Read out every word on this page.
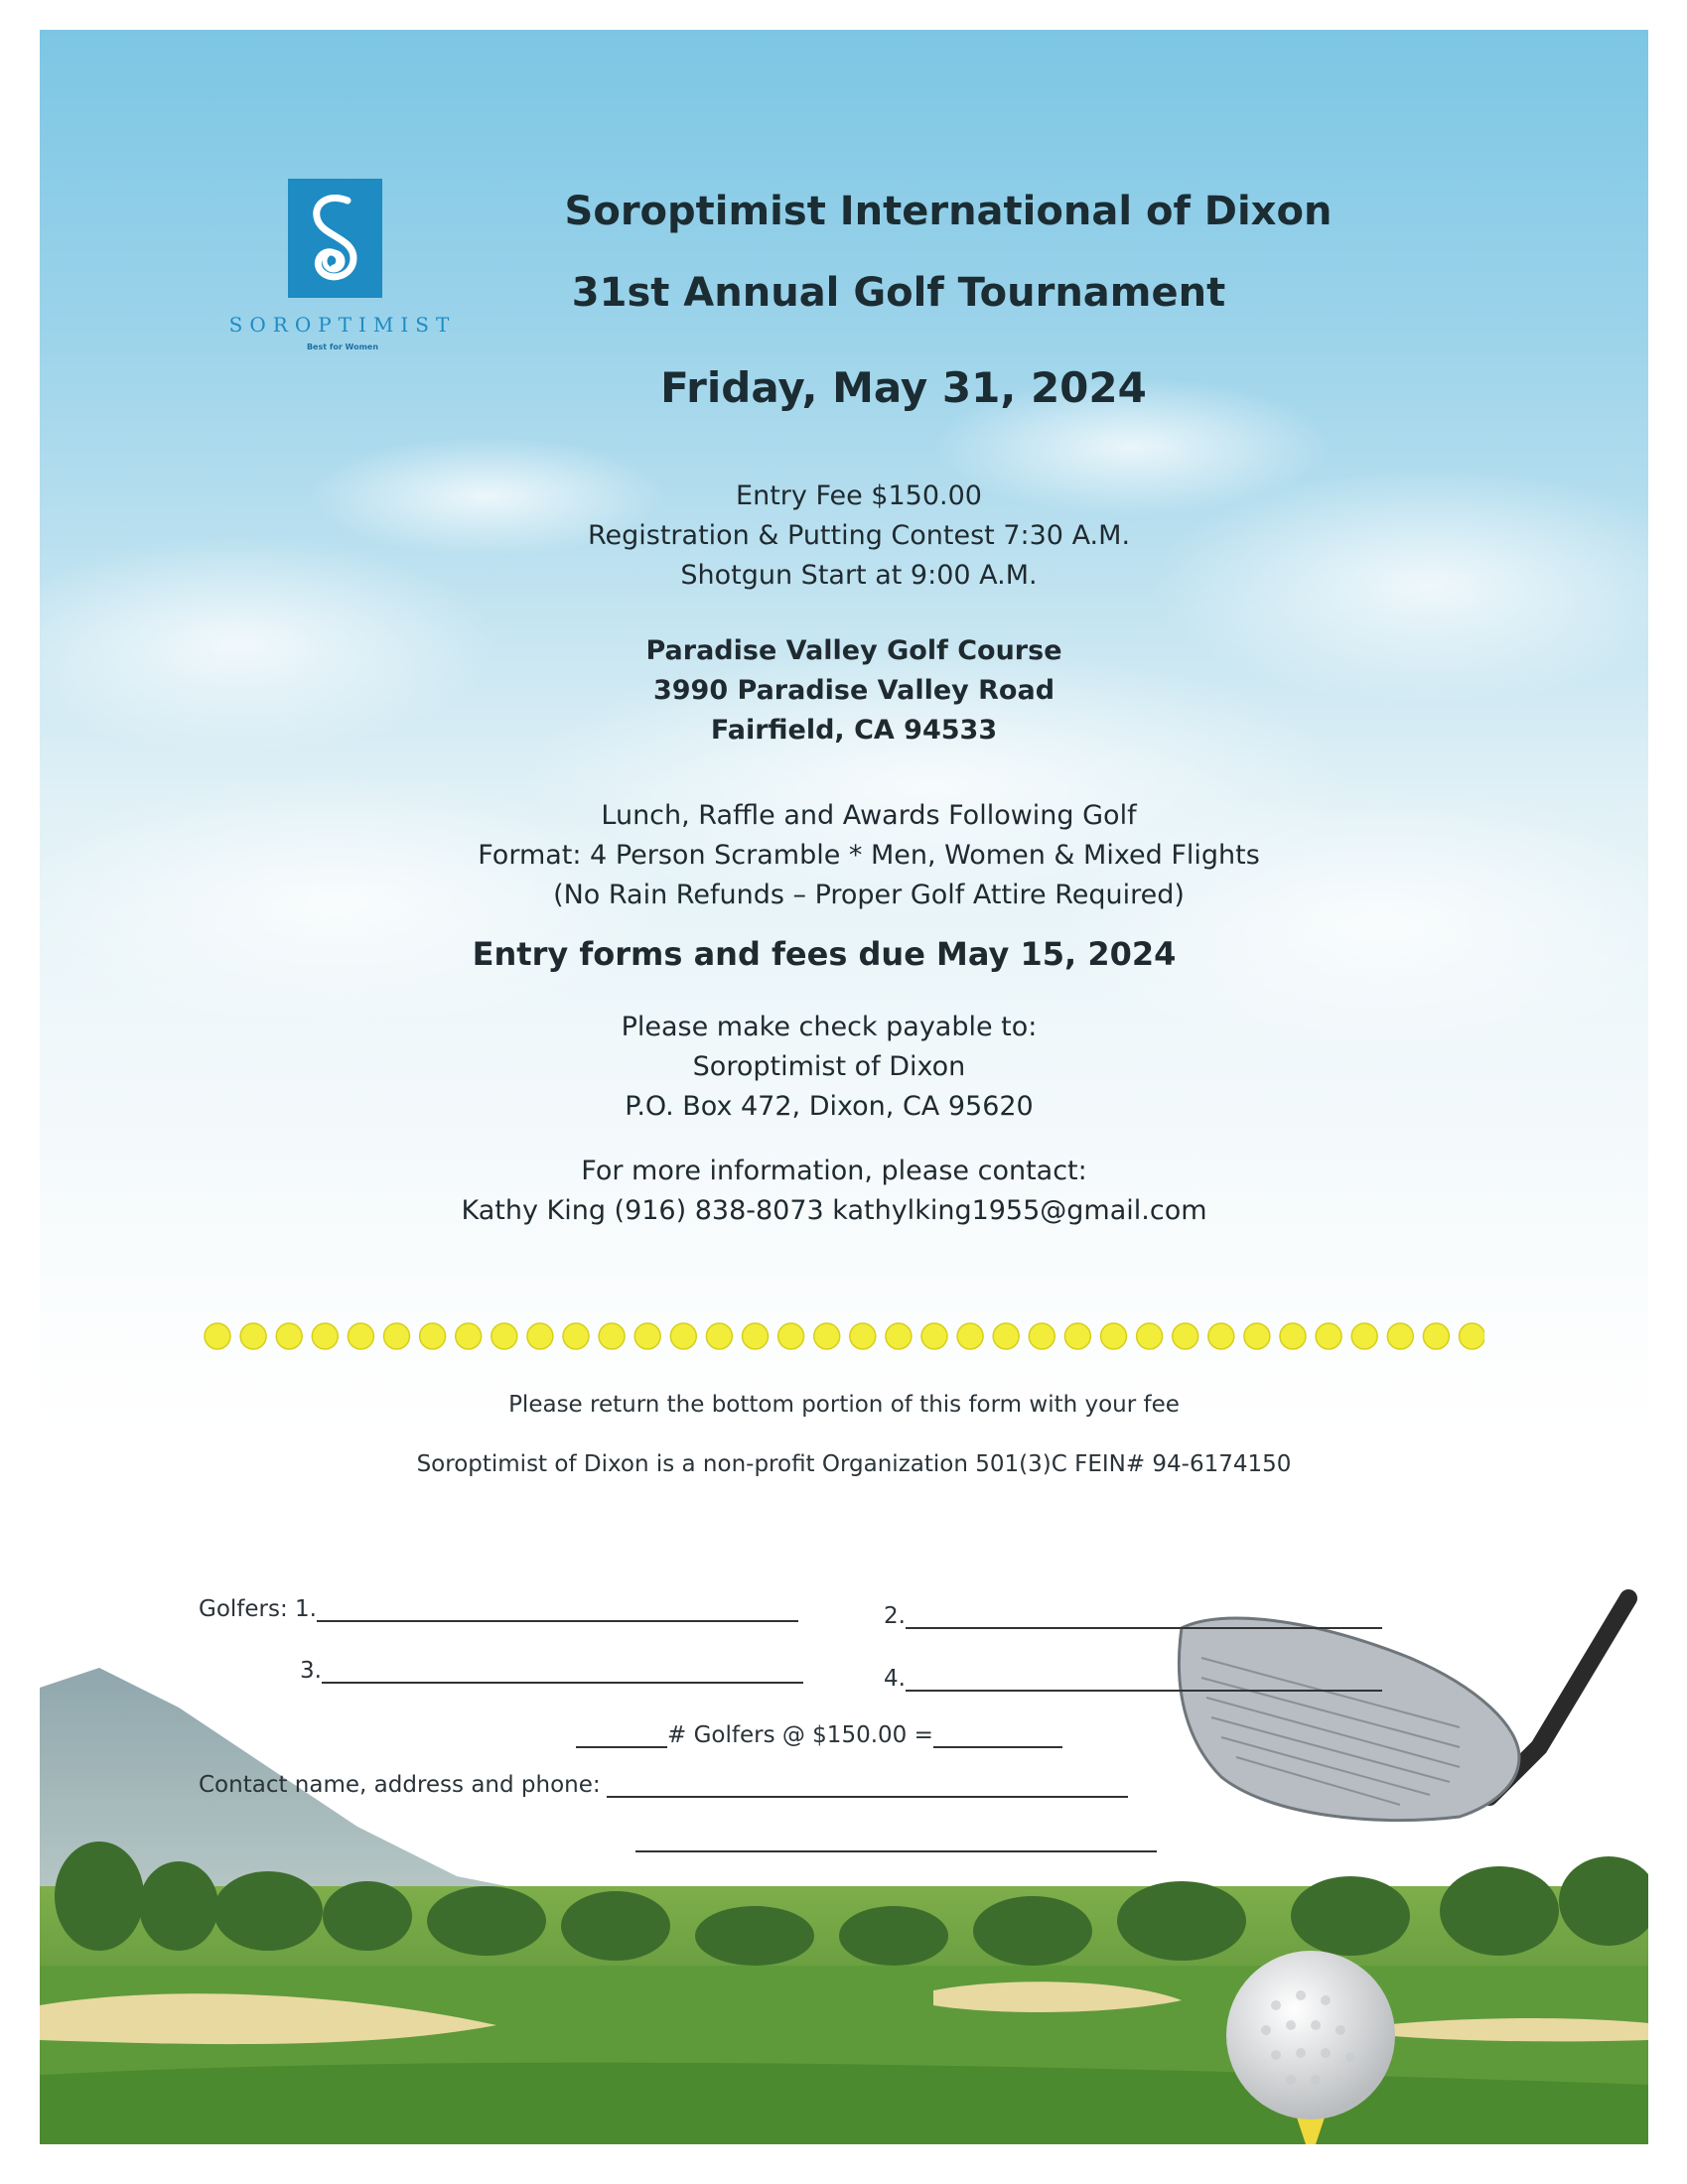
SOROPTIMIST
Best for Women
Soroptimist International of Dixon
31st Annual Golf Tournament
Friday, May 31, 2024
Entry Fee $150.00
Registration & Putting Contest 7:30 A.M.
Shotgun Start at 9:00 A.M.
Paradise Valley Golf Course
3990 Paradise Valley Road
Fairfield, CA 94533
Lunch, Raffle and Awards Following Golf
Format: 4 Person Scramble * Men, Women & Mixed Flights
(No Rain Refunds – Proper Golf Attire Required)
Entry forms and fees due May 15, 2024
Please make check payable to:
Soroptimist of Dixon
P.O. Box 472, Dixon, CA 95620
For more information, please contact:
Kathy King (916) 838-8073 kathylking1955@gmail.com
Please return the bottom portion of this form with your fee
Soroptimist of Dixon is a non-profit Organization 501(3)C FEIN# 94-6174150
Golfers: 1.	2.
3.	4.
# Golfers @ $150.00 =
Contact name, address and phone:
